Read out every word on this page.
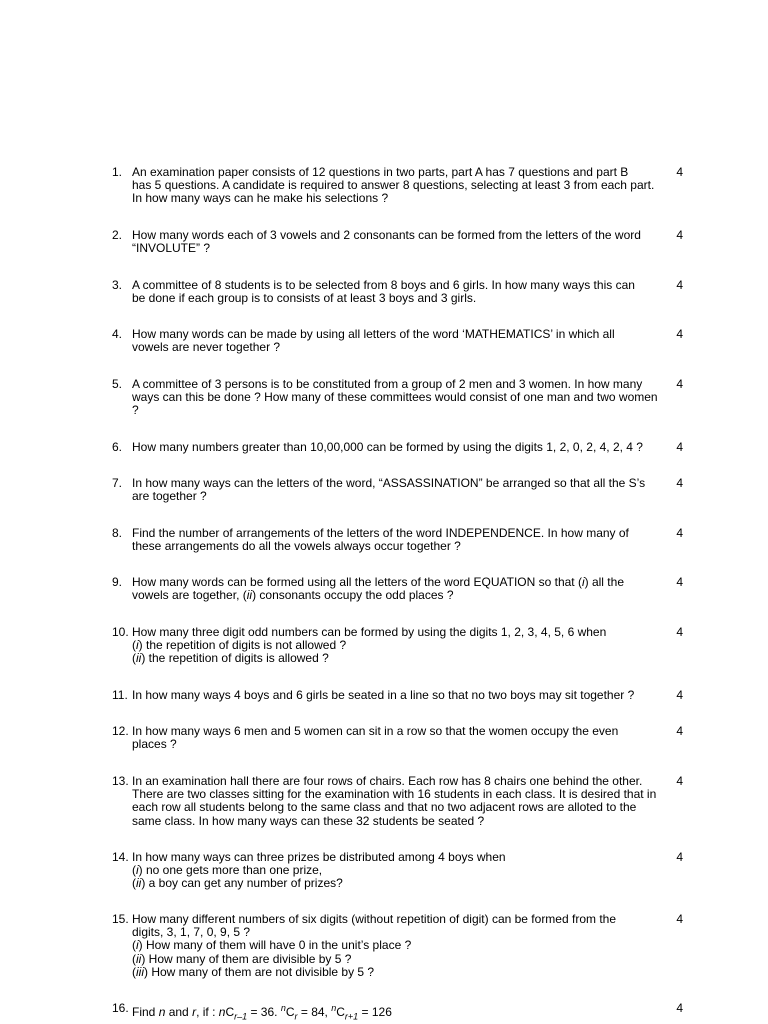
1. An examination paper consists of 12 questions in two parts, part A has 7 questions and part B
has 5 questions. A candidate is required to answer 8 questions, selecting at least 3 from each part.
In how many ways can he make his selections ?
4
2. How many words each of 3 vowels and 2 consonants can be formed from the letters of the word
“INVOLUTE” ?
4
3. A committee of 8 students is to be selected from 8 boys and 6 girls. In how many ways this can
be done if each group is to consists of at least 3 boys and 3 girls.
4
4. How many words can be made by using all letters of the word ‘MATHEMATICS’ in which all
vowels are never together ?
4
5. A committee of 3 persons is to be constituted from a group of 2 men and 3 women. In how many
ways can this be done ? How many of these committees would consist of one man and two women
?
4
6. How many numbers greater than 10,00,000 can be formed by using the digits 1, 2, 0, 2, 4, 2, 4 ?	4
7. In how many ways can the letters of the word, “ASSASSINATION” be arranged so that all the S’s
are together ?
4
8. Find the number of arrangements of the letters of the word INDEPENDENCE. In how many of
these arrangements do all the vowels always occur together ?
4
9. How many words can be formed using all the letters of the word EQUATION so that (i) all the
vowels are together, (ii) consonants occupy the odd places ?
4
10. How many three digit odd numbers can be formed by using the digits 1, 2, 3, 4, 5, 6 when
(i) the repetition of digits is not allowed ?
(ii) the repetition of digits is allowed ?
4
11. In how many ways 4 boys and 6 girls be seated in a line so that no two boys may sit together ?	4
12. In how many ways 6 men and 5 women can sit in a row so that the women occupy the even
places ?
4
13. In an examination hall there are four rows of chairs. Each row has 8 chairs one behind the other.
There are two classes sitting for the examination with 16 students in each class. It is desired that in
each row all students belong to the same class and that no two adjacent rows are alloted to the
same class. In how many ways can these 32 students be seated ?
4
14. In how many ways can three prizes be distributed among 4 boys when
(i) no one gets more than one prize,
(ii) a boy can get any number of prizes?
4
15. How many different numbers of six digits (without repetition of digit) can be formed from the
digits, 3, 1, 7, 0, 9, 5 ?
(i) How many of them will have 0 in the unit’s place ?
(ii) How many of them are divisible by 5 ?
(iii) How many of them are not divisible by 5 ?
4
16. Find n and r, if : $nC_{r-1} = 36$. $^nC_r = 84$, $^nC_{r+1} = 126$	4
